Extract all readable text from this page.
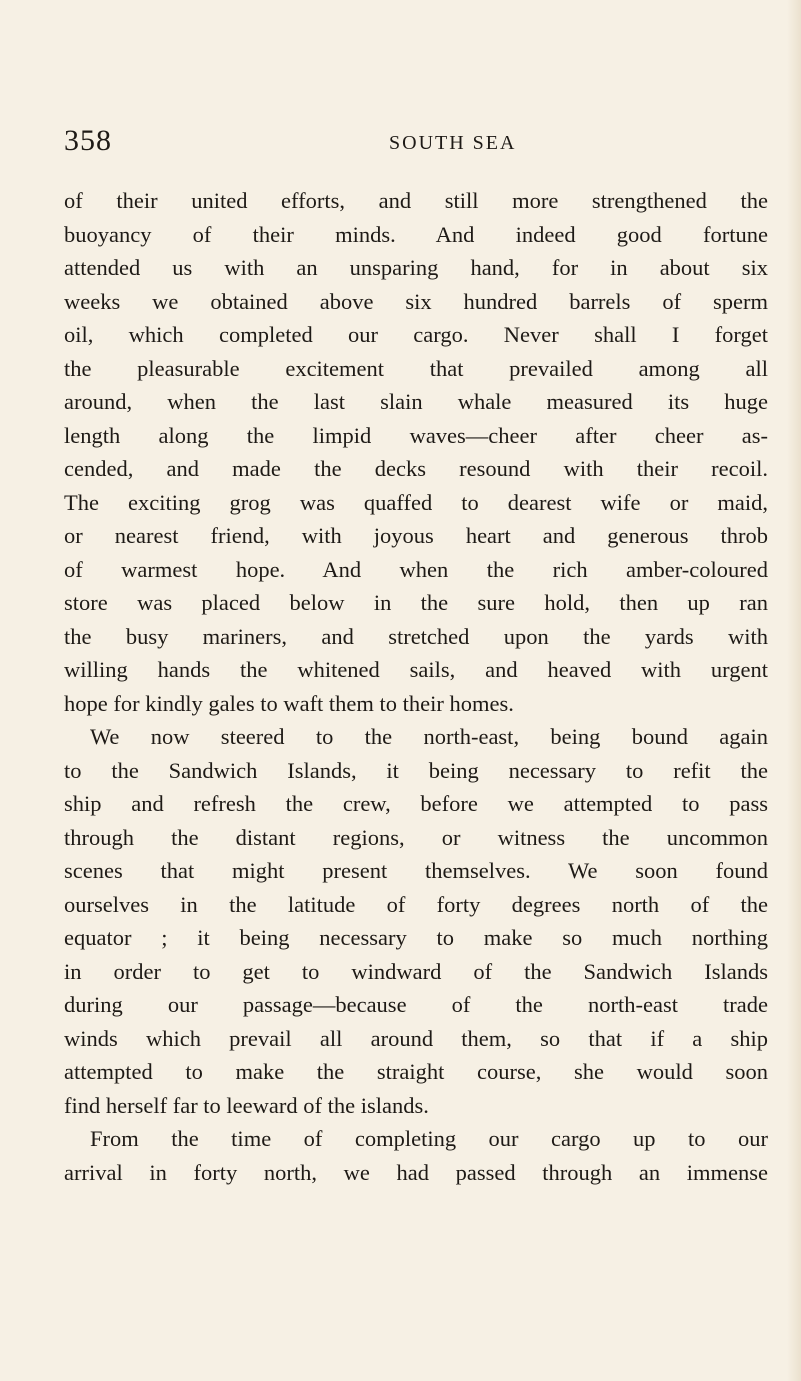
358	SOUTH SEA
of their united efforts, and still more strengthened the
buoyancy of their minds. And indeed good fortune
attended us with an unsparing hand, for in about six
weeks we obtained above six hundred barrels of sperm
oil, which completed our cargo. Never shall I forget
the pleasurable excitement that prevailed among all
around, when the last slain whale measured its huge
length along the limpid waves—cheer after cheer as-
cended, and made the decks resound with their recoil.
The exciting grog was quaffed to dearest wife or maid,
or nearest friend, with joyous heart and generous throb
of warmest hope. And when the rich amber-coloured
store was placed below in the sure hold, then up ran
the busy mariners, and stretched upon the yards with
willing hands the whitened sails, and heaved with urgent
hope for kindly gales to waft them to their homes.
We now steered to the north-east, being bound again
to the Sandwich Islands, it being necessary to refit the
ship and refresh the crew, before we attempted to pass
through the distant regions, or witness the uncommon
scenes that might present themselves. We soon found
ourselves in the latitude of forty degrees north of the
equator ; it being necessary to make so much northing
in order to get to windward of the Sandwich Islands
during our passage—because of the north-east trade
winds which prevail all around them, so that if a ship
attempted to make the straight course, she would soon
find herself far to leeward of the islands.
From the time of completing our cargo up to our
arrival in forty north, we had passed through an immense
